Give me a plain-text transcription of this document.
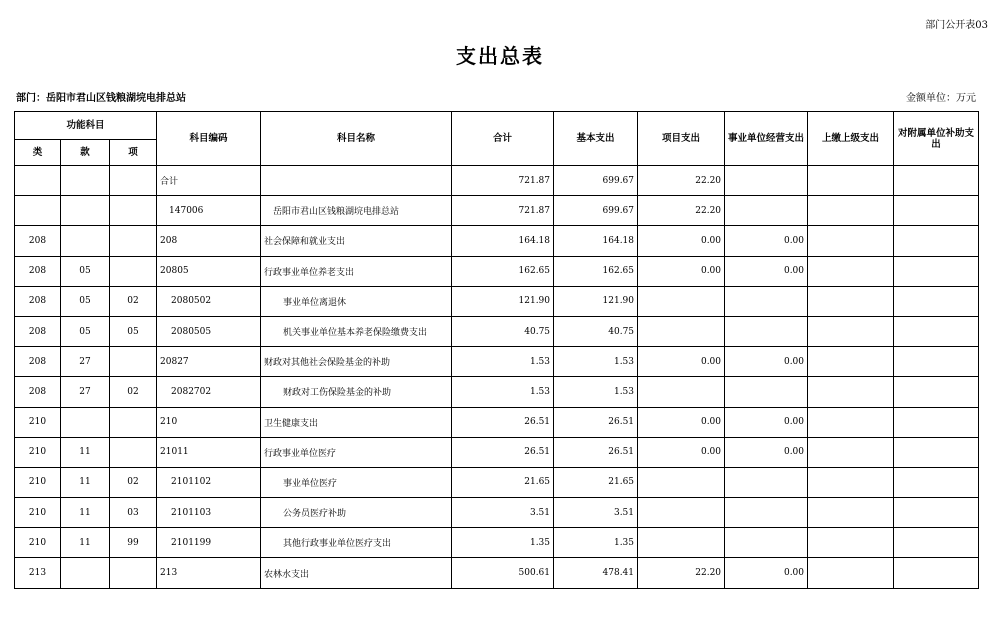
部门公开表03
支出总表
部门：岳阳市君山区钱粮湖垸电排总站	金额单位：万元
功能科目			科目编码	科目名称	合计	基本支出	项目支出	事业单位经营支出	上缴上级支出	对附属单位补助支出
类	款	项								
			合计		721.87	699.67	22.20			
			147006	岳阳市君山区钱粮湖垸电排总站	721.87	699.67	22.20			
208			208	社会保障和就业支出	164.18	164.18	0.00	0.00		
208	05		20805	行政事业单位养老支出	162.65	162.65	0.00	0.00		
208	05	02	2080502	事业单位离退休	121.90	121.90				
208	05	05	2080505	机关事业单位基本养老保险缴费支出	40.75	40.75				
208	27		20827	财政对其他社会保险基金的补助	1.53	1.53	0.00	0.00		
208	27	02	2082702	财政对工伤保险基金的补助	1.53	1.53				
210			210	卫生健康支出	26.51	26.51	0.00	0.00		
210	11		21011	行政事业单位医疗	26.51	26.51	0.00	0.00		
210	11	02	2101102	事业单位医疗	21.65	21.65				
210	11	03	2101103	公务员医疗补助	3.51	3.51				
210	11	99	2101199	其他行政事业单位医疗支出	1.35	1.35				
213			213	农林水支出	500.61	478.41	22.20	0.00		
